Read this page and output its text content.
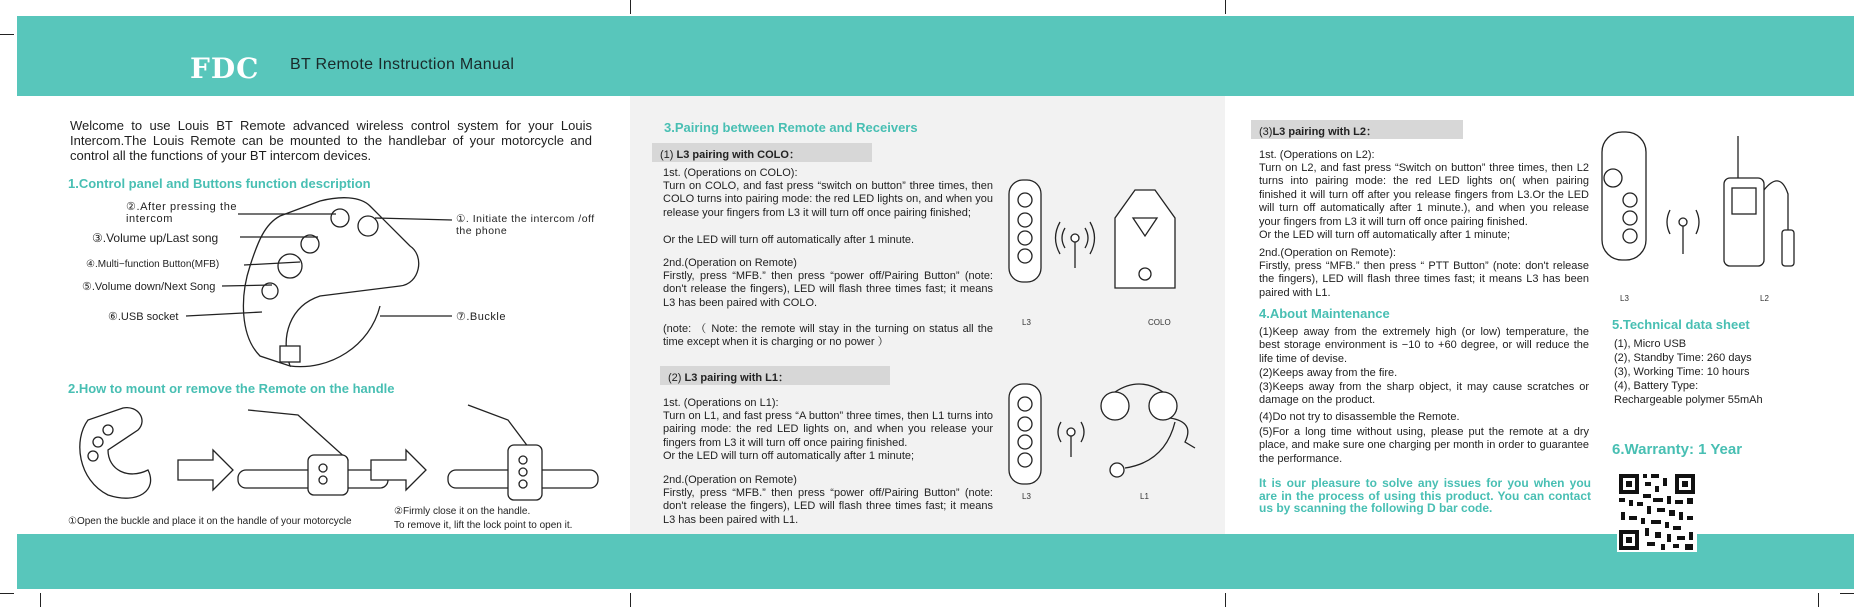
FDC BT Remote Instruction Manual
Welcome to use Louis BT Remote advanced wireless control system for your Louis Intercom.The Louis Remote can be mounted to the handlebar of your motorcycle and control all the functions of your BT intercom devices.
1.Control panel and Buttons function description
②.After pressing the intercom
③.Volume up/Last song
④.Multi−function Button(MFB)
⑤.Volume down/Next Song
⑥.USB socket
①. Initiate the intercom /off the phone
⑦.Buckle
2.How to mount or remove the Remote on the handle
①Open the buckle and place it on the handle of your motorcycle
②Firmly close it on the handle.
To remove it, lift the lock point to open it.
3.Pairing between Remote and Receivers
(1) L3 pairing with COLO：
1st. (Operations on COLO):
Turn on COLO, and fast press “switch on button” three times, then COLO turns into pairing mode: the red LED lights on, and when you release your fingers from L3 it will turn off once pairing finished;
Or the LED will turn off automatically after 1 minute.
2nd.(Operation on Remote)
Firstly, press “MFB.” then press “power off/Pairing Button” (note: don't release the fingers), LED will flash three times fast; it means L3 has been paired with COLO.
(note: （ Note: the remote will stay in the turning on status all the time except when it is charging or no power ）
L3	COLO
(2) L3 pairing with L1：
1st. (Operations on L1):
Turn on L1, and fast press “A button” three times, then L1 turns into pairing mode: the red LED lights on, and when you release your fingers from L3 it will turn off once pairing finished.
Or the LED will turn off automatically after 1 minute;
2nd.(Operation on Remote)
Firstly, press “MFB.” then press “power off/Pairing Button” (note: don't release the fingers), LED will flash three times fast; it means L3 has been paired with L1.
L3	L1
(3)L3 pairing with L2：
1st. (Operations on L2):
Turn on L2, and fast press “Switch on button” three times, then L2 turns into pairing mode: the red LED lights on( when pairing finished it will turn off after you release fingers from L3.Or the LED will turn off automatically after 1 minute.), and when you release your fingers from L3 it will turn off once pairing finished.
Or the LED will turn off automatically after 1 minute;
2nd.(Operation on Remote):
Firstly, press “MFB.” then press “ PTT Button” (note: don't release the fingers), LED will flash three times fast; it means L3 has been paired with L1.
4.About Maintenance
(1)Keep away from the extremely high (or low) temperature, the best storage environment is −10 to +60 degree, or will reduce the life time of devise.
(2)Keeps away from the fire.
(3)Keeps away from the sharp object, it may cause scratches or damage on the product.
(4)Do not try to disassemble the Remote.
(5)For a long time without using, please put the remote at a dry place, and make sure one charging per month in order to guarantee the performance.
It is our pleasure to solve any issues for you when you are in the process of using this product. You can contact us by scanning the following D bar code.
L3	L2
5.Technical data sheet
(1), Micro USB
(2), Standby Time: 260 days
(3), Working Time: 10 hours
(4), Battery Type:
Rechargeable polymer 55mAh
6.Warranty: 1 Year
